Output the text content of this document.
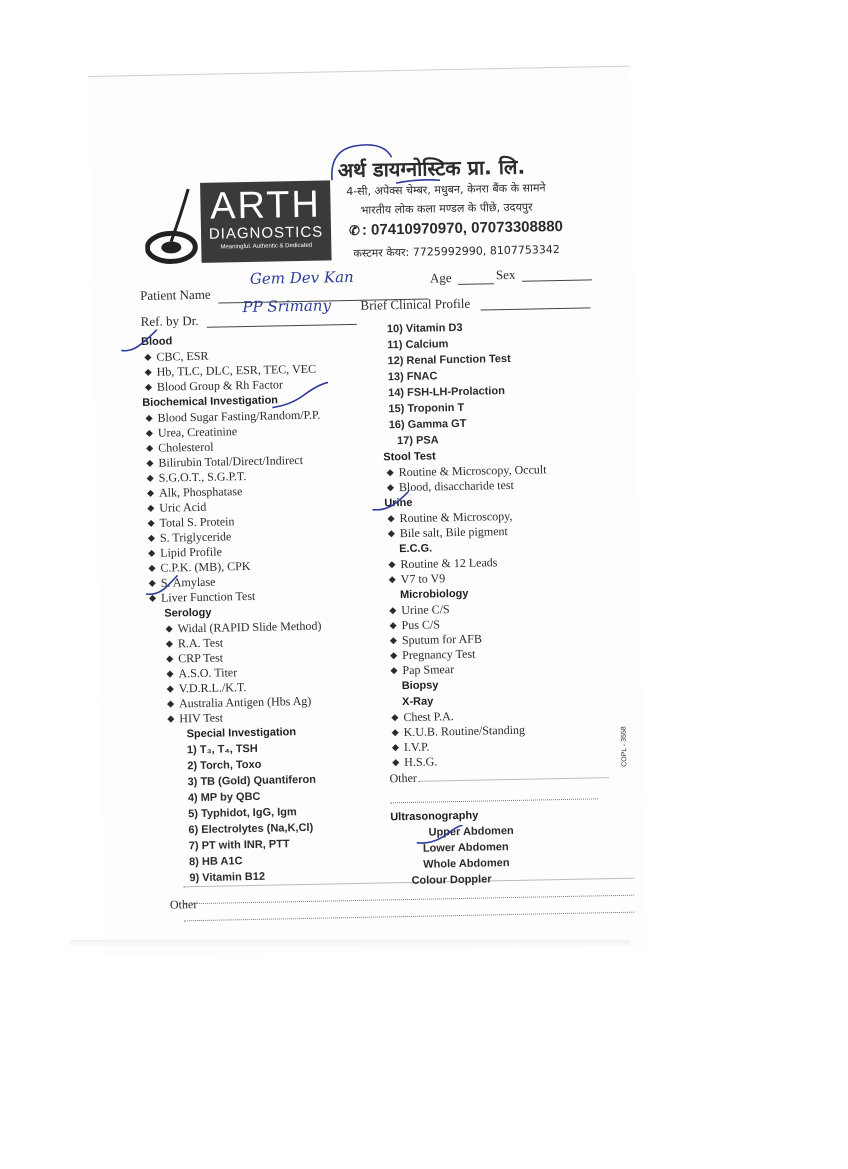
ARTH
DIAGNOSTICS
Meaningful. Authentic & Dedicated
अर्थ डायग्नोस्टिक प्रा. लि.
4-सी, अपेक्स चेम्बर, मधुबन, केनरा बैंक के सामने
भारतीय लोक कला मण्डल के पीछे, उदयपुर
✆ : 07410970970, 07073308880
कस्टमर केयर: 7725992990, 8107753342
Patient Name
Gem Dev Kan	Age	Sex
Ref. by Dr.
PP Srimany Brief Clinical Profile
Blood
CBC, ESR
Hb, TLC, DLC, ESR, TEC, VEC
Blood Group & Rh Factor
Biochemical Investigation
Blood Sugar Fasting/Random/P.P.
Urea, Creatinine
Cholesterol
Bilirubin Total/Direct/Indirect
S.G.O.T., S.G.P.T.
Alk, Phosphatase
Uric Acid
Total S. Protein
S. Triglyceride
Lipid Profile
C.P.K. (MB), CPK
S. Amylase
Liver Function Test
Serology
Widal (RAPID Slide Method)
R.A. Test
CRP Test
A.S.O. Titer
V.D.R.L./K.T.
Australia Antigen (Hbs Ag)
HIV Test
Special Investigation
1) T₃, T₄, TSH
2) Torch, Toxo
3) TB (Gold) Quantiferon
4) MP by QBC
5) Typhidot, IgG, Igm
6) Electrolytes (Na,K,Cl)
7) PT with INR, PTT
8) HB A1C
9) Vitamin B12
Other
10) Vitamin D3
11) Calcium
12) Renal Function Test
13) FNAC
14) FSH-LH-Prolaction
15) Troponin T
16) Gamma GT
17) PSA
Stool Test
Routine & Microscopy, Occult
Blood, disaccharide test
Urine
Routine & Microscopy,
Bile salt, Bile pigment
E.C.G.
Routine & 12 Leads
V7 to V9
Microbiology
Urine C/S
Pus C/S
Sputum for AFB
Pregnancy Test
Pap Smear
Biopsy
X-Ray
Chest P.A.
K.U.B. Routine/Standing
I.V.P.
H.S.G.
Other
Ultrasonography
Upper Abdomen
Lower Abdomen
Whole Abdomen
Colour Doppler
COPL - 3558
